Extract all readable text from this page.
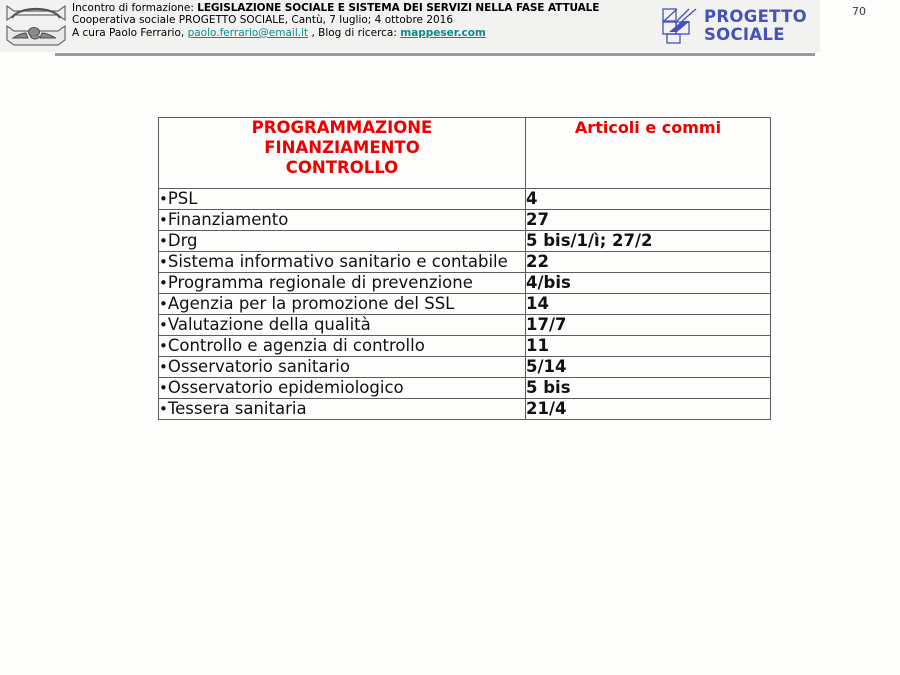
Incontro di formazione: LEGISLAZIONE SOCIALE E SISTEMA DEI SERVIZI NELLA FASE ATTUALE
Cooperativa sociale PROGETTO SOCIALE, Cantù, 7 luglio; 4 ottobre 2016
A cura Paolo Ferrario, paolo.ferrario@email.it , Blog di ricerca: mappeser.com
PROGETTO
SOCIALE
70
PROGRAMMAZIONE
FINANZIAMENTO
CONTROLLO	Articoli e commi
•PSL	4
•Finanziamento	27
•Drg	5 bis/1/ì; 27/2
•Sistema informativo sanitario e contabile	22
•Programma regionale di prevenzione	4/bis
•Agenzia per la promozione del SSL	14
•Valutazione della qualità	17/7
•Controllo e agenzia di controllo	11
•Osservatorio sanitario	5/14
•Osservatorio epidemiologico	5 bis
•Tessera sanitaria	21/4
